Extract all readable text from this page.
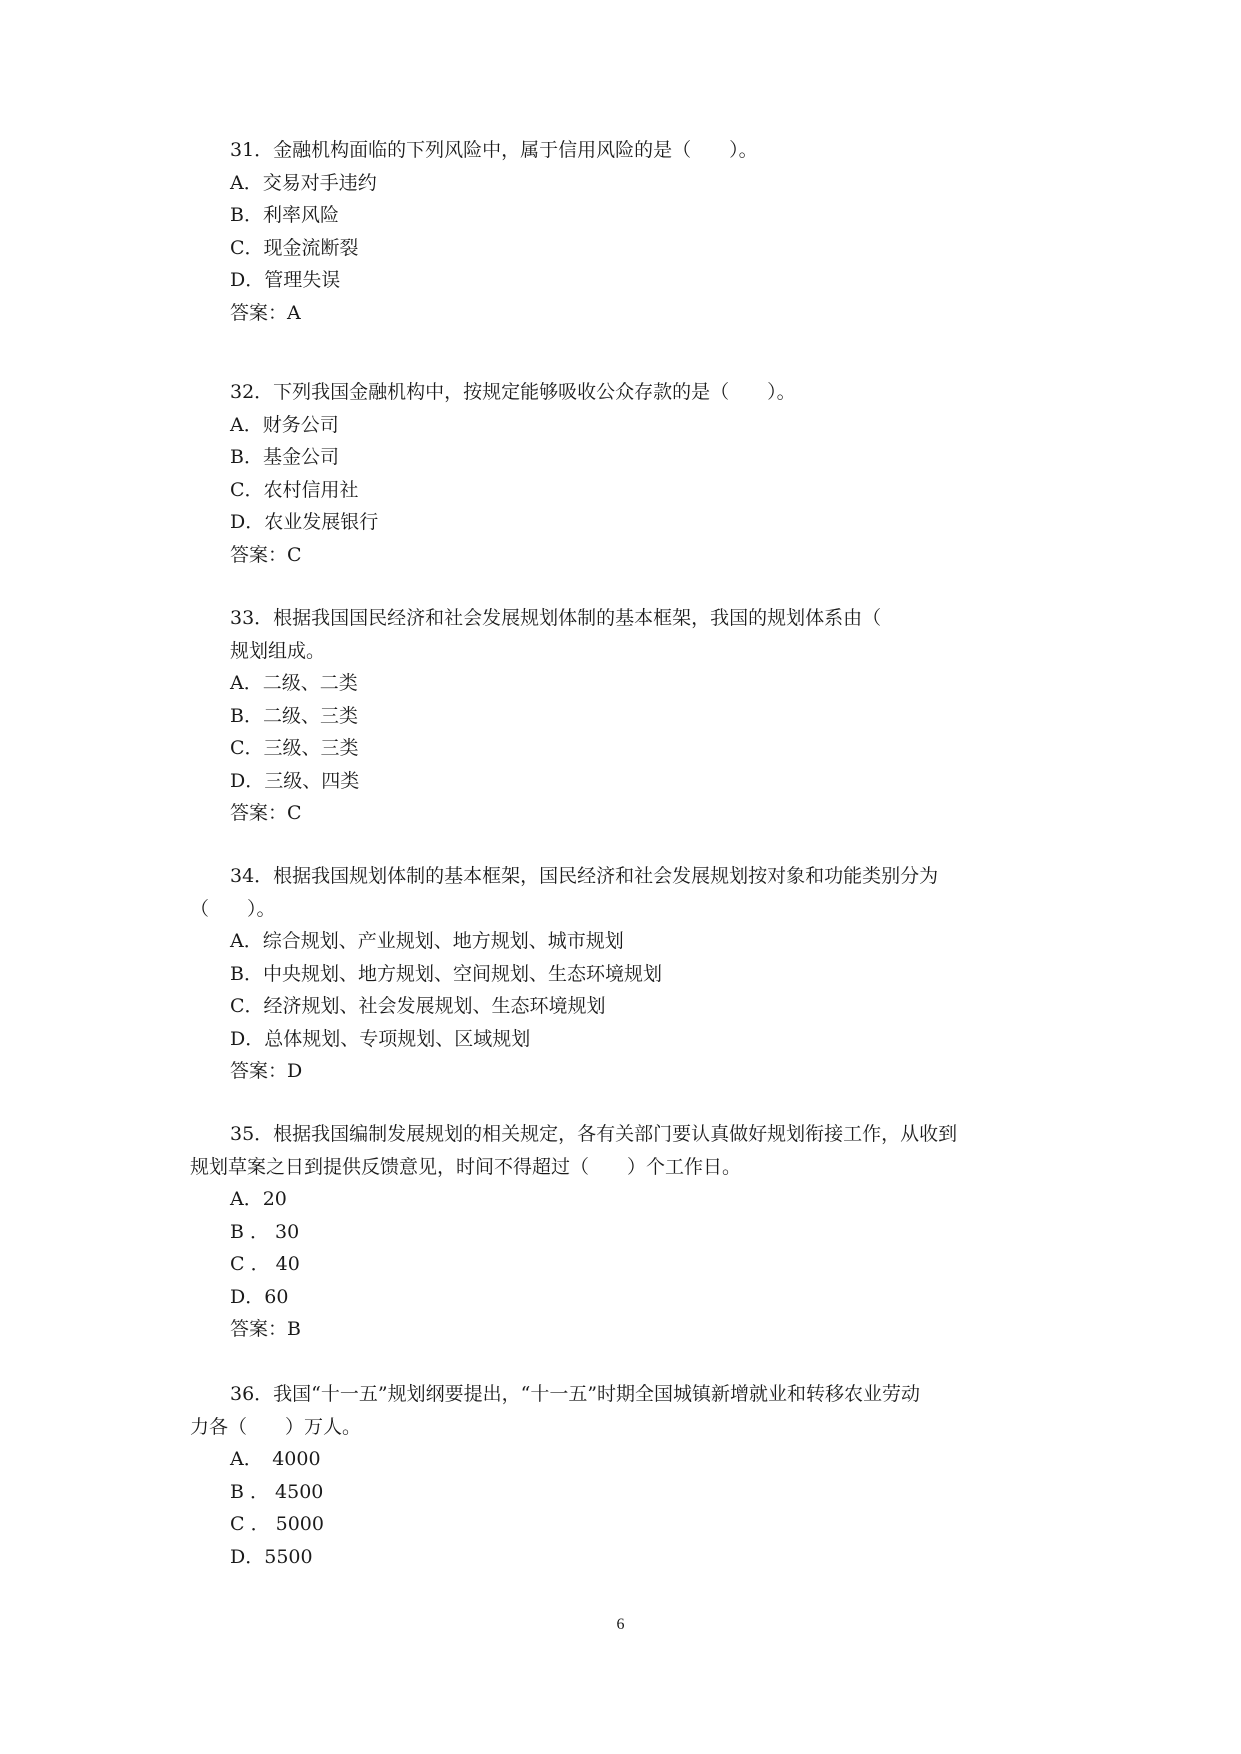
31．金融机构面临的下列风险中，属于信用风险的是（　　）。
A．交易对手违约
B．利率风险
C．现金流断裂
D．管理失误
答案：A
32．下列我国金融机构中，按规定能够吸收公众存款的是（　　）。
A．财务公司
B．基金公司
C．农村信用社
D．农业发展银行
答案：C
33．根据我国国民经济和社会发展规划体制的基本框架，我国的规划体系由（
规划组成。
A．二级、二类
B．二级、三类
C．三级、三类
D．三级、四类
答案：C
34．根据我国规划体制的基本框架，国民经济和社会发展规划按对象和功能类别分为
（　　）。
A．综合规划、产业规划、地方规划、城市规划
B．中央规划、地方规划、空间规划、生态环境规划
C．经济规划、社会发展规划、生态环境规划
D．总体规划、专项规划、区域规划
答案：D
35．根据我国编制发展规划的相关规定，各有关部门要认真做好规划衔接工作，从收到
规划草案之日到提供反馈意见，时间不得超过（　　）个工作日。
A．20
B ． 30
C ． 40
D．60
答案：B
36．我国“十一五”规划纲要提出，“十一五”时期全国城镇新增就业和转移农业劳动
力各（　　）万人。
A．　4000
B ． 4500
C ． 5000
D．5500
6
